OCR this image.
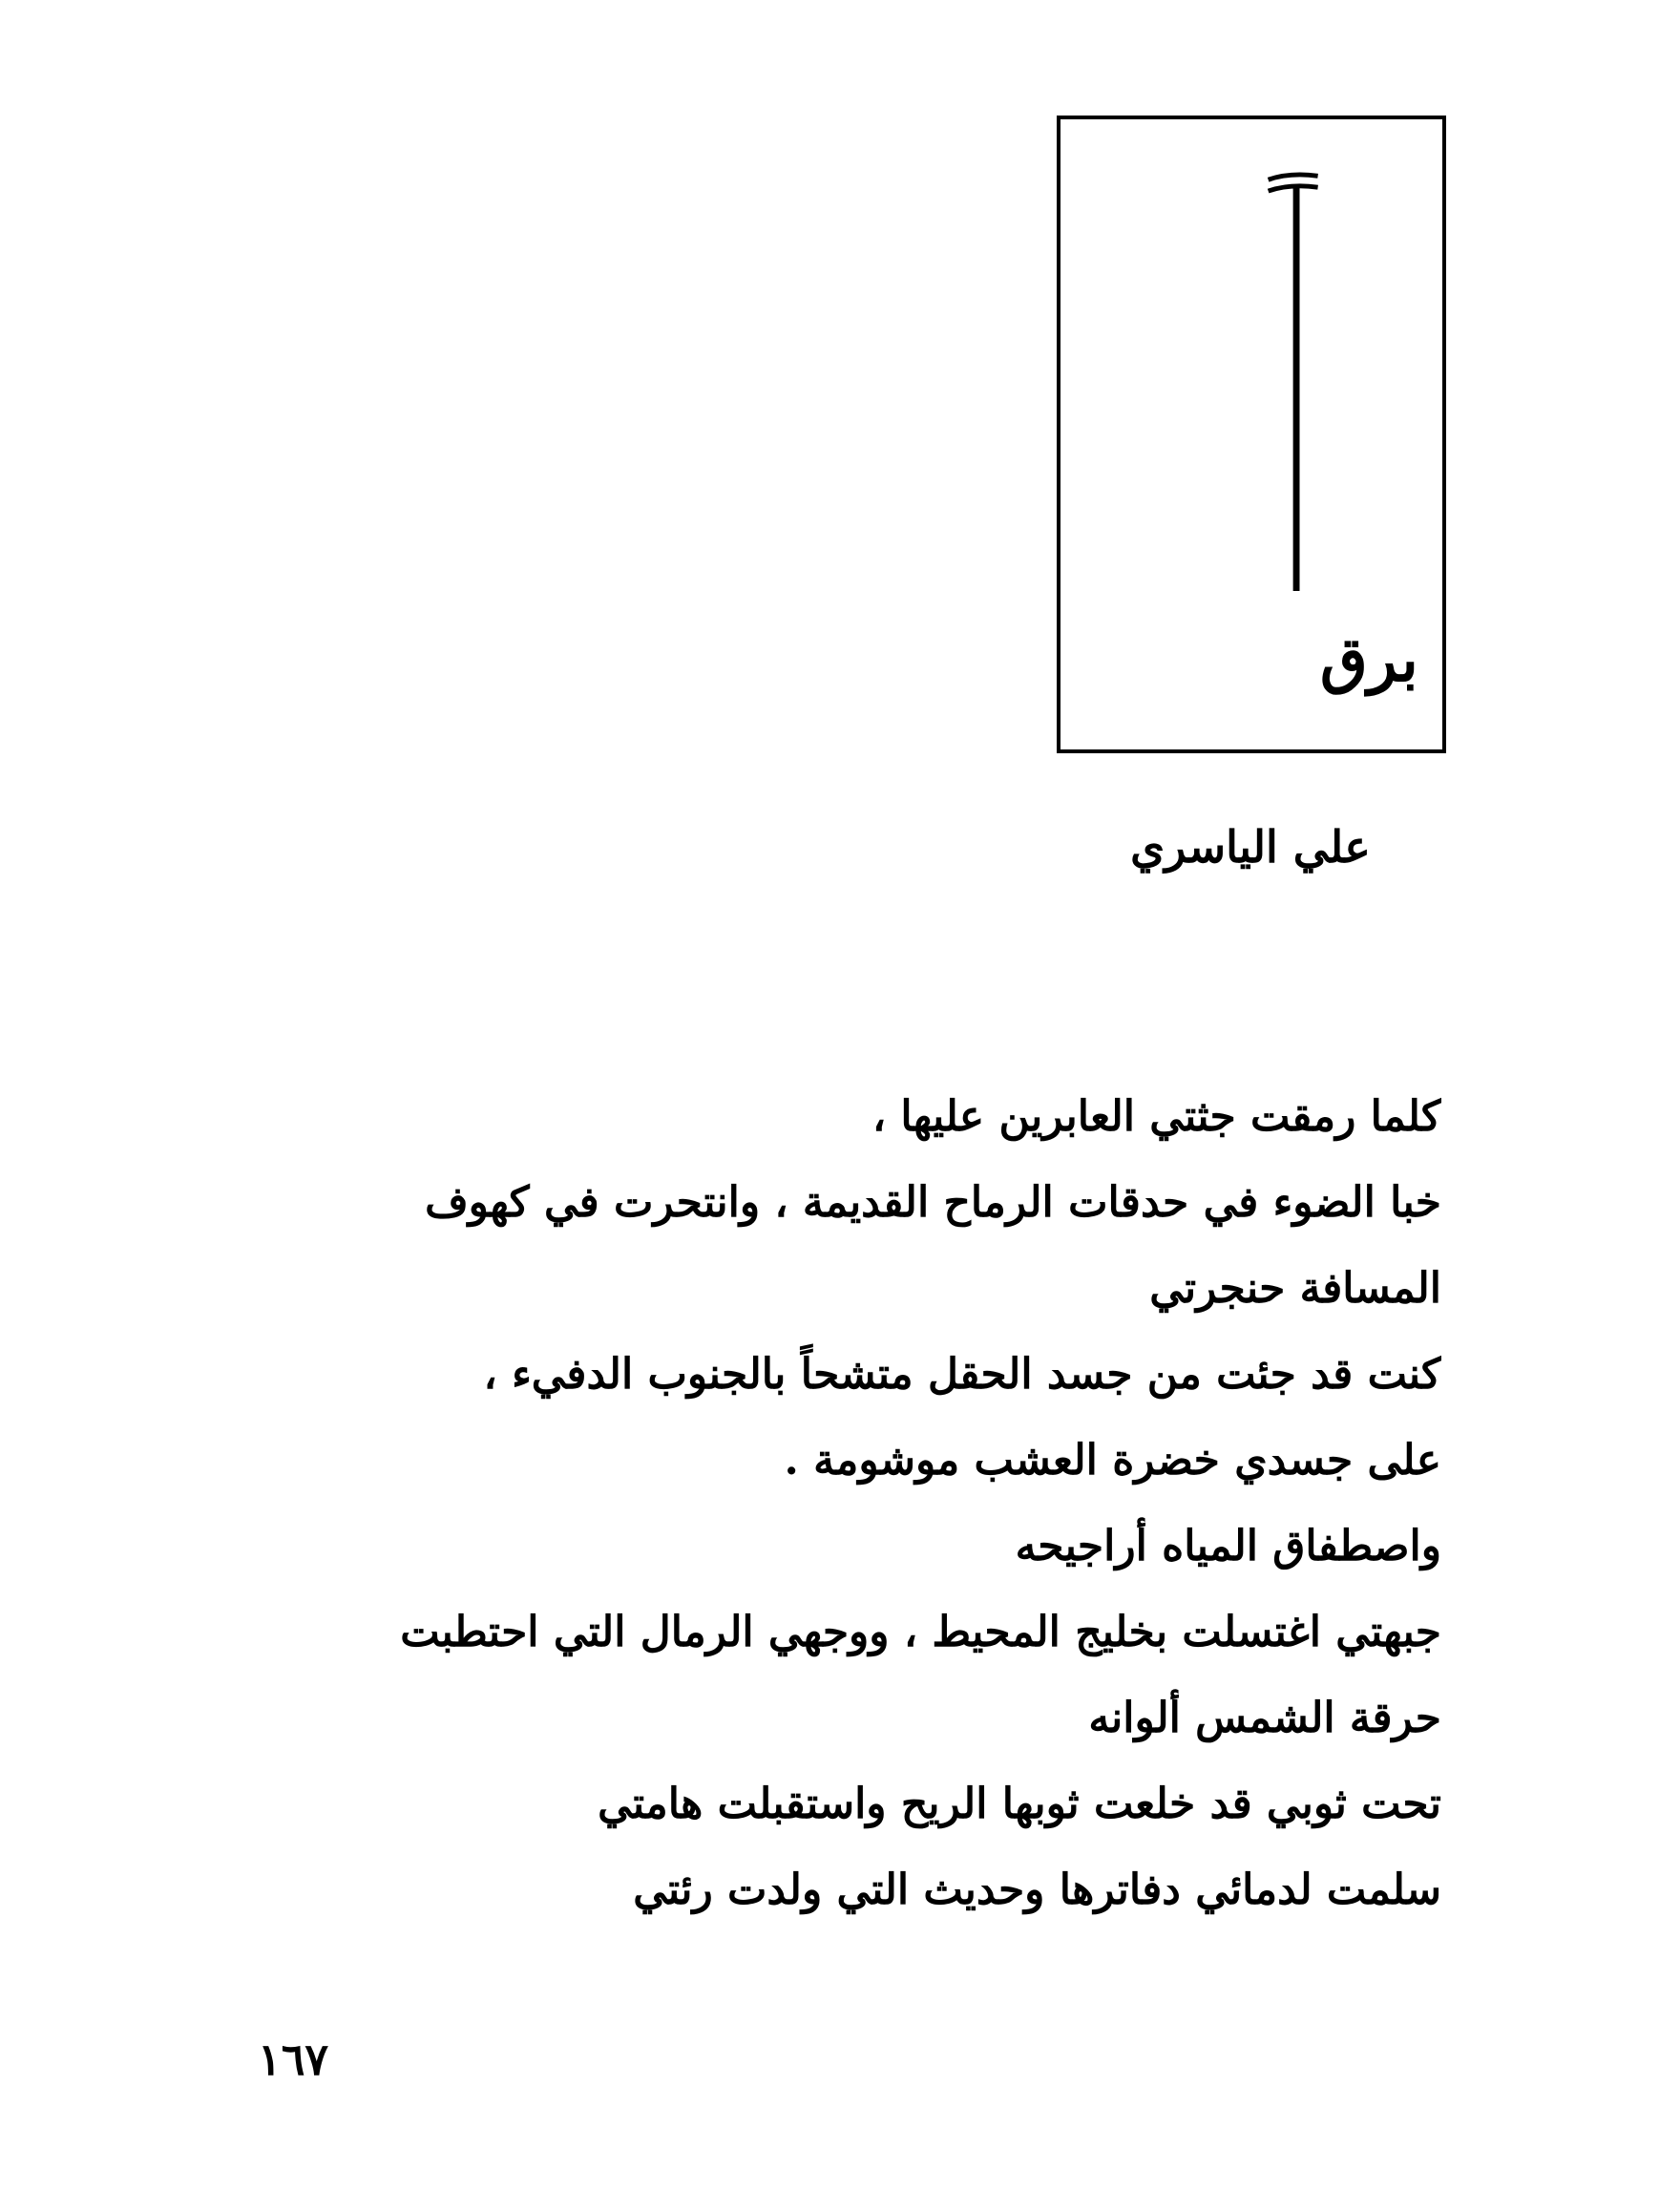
برق
علي الياسري
كلما رمقت جثتي العابرين عليها ،
خبا الضوء في حدقات الرماح القديمة ، وانتحرت في كهوف
المسافة حنجرتي
كنت قد جئت من جسد الحقل متشحاً بالجنوب الدفيء ،
على جسدي خضرة العشب موشومة .
واصطفاق المياه أراجيحه
جبهتي اغتسلت بخليج المحيط ، ووجهي الرمال التي احتطبت
حرقة الشمس ألوانه
تحت ثوبي قد خلعت ثوبها الريح واستقبلت هامتي
سلمت لدمائي دفاترها وحديث التي ولدت رئتي
١٦٧
